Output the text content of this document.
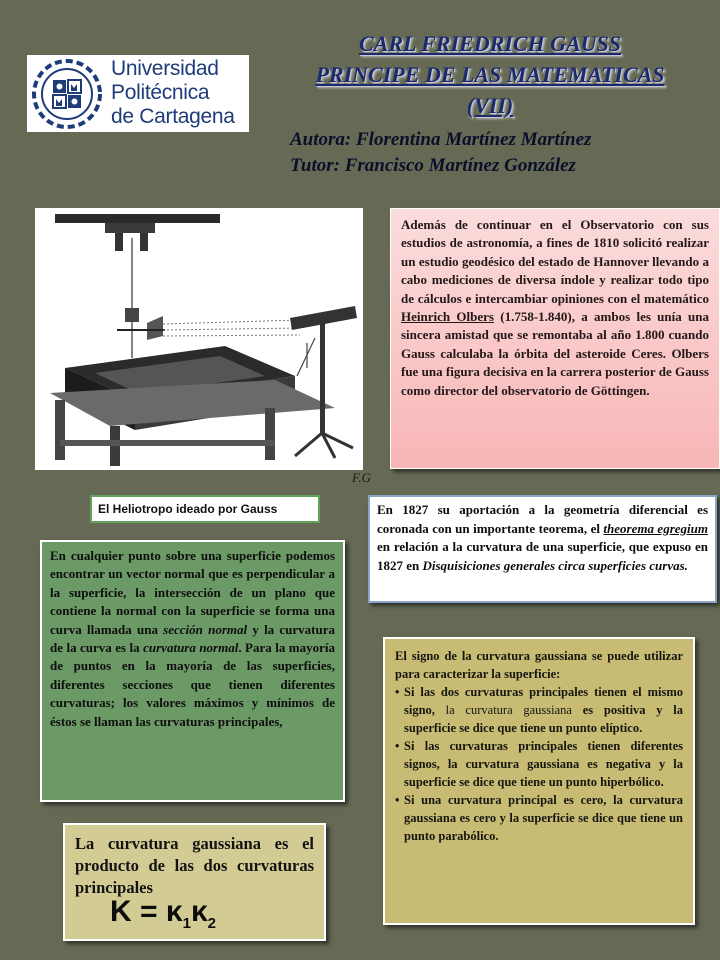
Universidad
Politécnica
de Cartagena
CARL FRIEDRICH GAUSS
PRINCIPE DE LAS MATEMATICAS
(VII)
Autora: Florentina Martínez Martínez
Tutor: Francisco Martínez González
F.G
El Heliotropo ideado por Gauss
Además de continuar en el Observatorio con sus estudios de astronomía, a fines de 1810 solicitó realizar un estudio geodésico del estado de Hannover llevando a cabo mediciones de diversa índole y realizar todo tipo de cálculos e intercambiar opiniones con el matemático Heinrich Olbers (1.758-1.840), a ambos les unía una sincera amistad que se remontaba al año 1.800 cuando Gauss calculaba la órbita del asteroide Ceres. Olbers fue una figura decisiva en la carrera posterior de Gauss como director del observatorio de Göttingen.
En 1827 su aportación a la geometría diferencial es coronada con un importante teorema, el theorema egregium en relación a la curvatura de una superficie, que expuso en 1827 en Disquisiciones generales circa superficies curvas.
En cualquier punto sobre una superficie podemos encontrar un vector normal que es perpendicular a la superficie, la intersección de un plano que contiene la normal con la superficie se forma una curva llamada una sección normal y la curvatura de la curva es la curvatura normal. Para la mayoría de puntos en la mayoría de las superficies, diferentes secciones que tienen diferentes curvaturas; los valores máximos y mínimos de éstos se llaman las curvaturas principales,
El signo de la curvatura gaussiana se puede utilizar para caracterizar la superficie:
• Si las dos curvaturas principales tienen el mismo signo, la curvatura gaussiana es positiva y la superficie se dice que tiene un punto elíptico.
• Si las curvaturas principales tienen diferentes signos, la curvatura gaussiana es negativa y la superficie se dice que tiene un punto hiperbólico.
• Si una curvatura principal es cero, la curvatura gaussiana es cero y la superficie se dice que tiene un punto parabólico.
La curvatura gaussiana es el producto de las dos curvaturas principales
$K = \kappa_1\kappa_2$
